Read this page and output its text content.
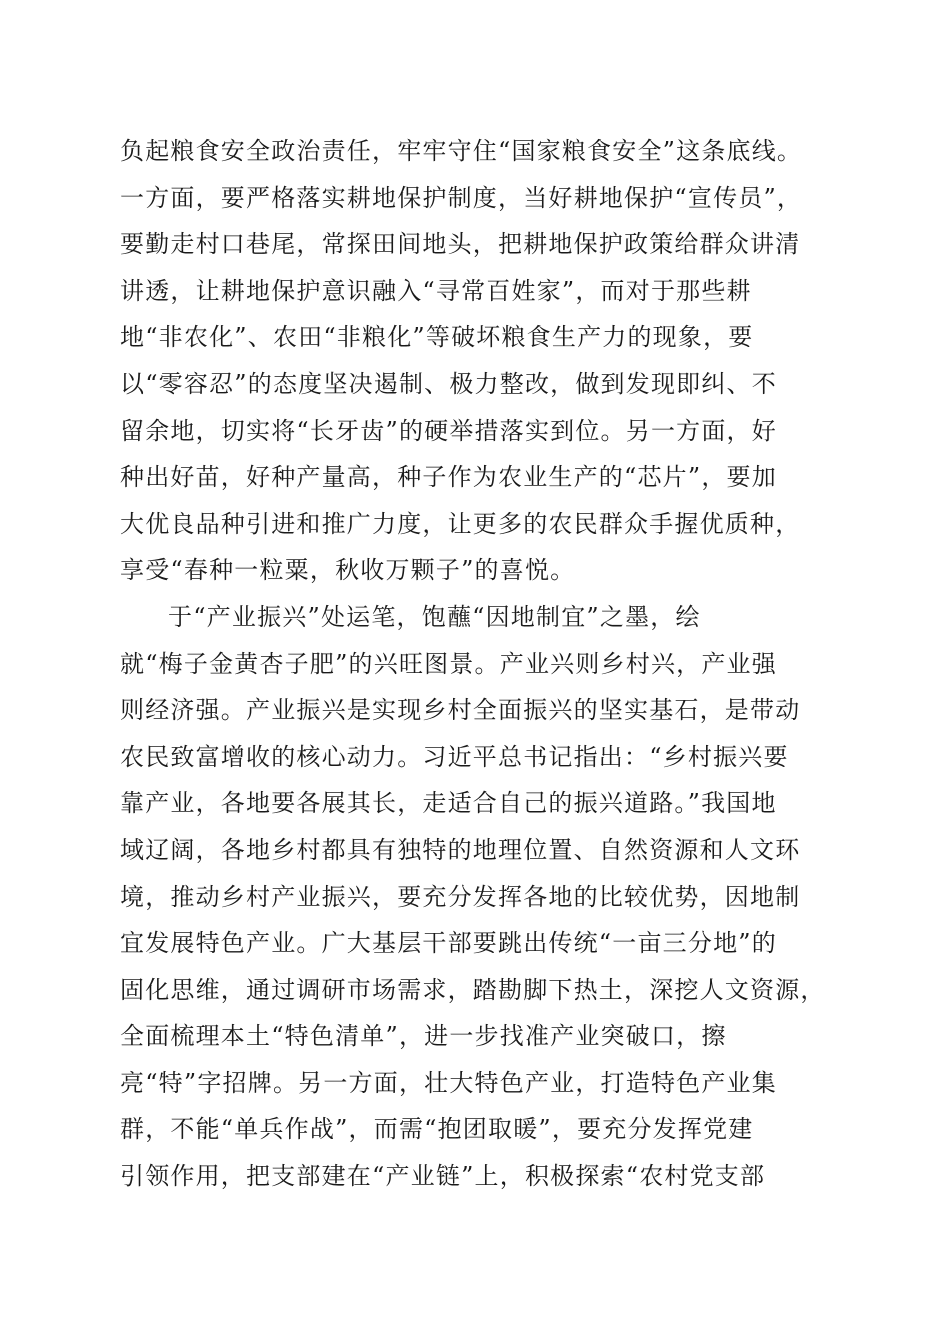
负起粮食安全政治责任，牢牢守住“国家粮食安全”这条底线。
一方面，要严格落实耕地保护制度，当好耕地保护“宣传员”，
要勤走村口巷尾，常探田间地头，把耕地保护政策给群众讲清
讲透，让耕地保护意识融入“寻常百姓家”，而对于那些耕
地“非农化”、农田“非粮化”等破坏粮食生产力的现象，要
以“零容忍”的态度坚决遏制、极力整改，做到发现即纠、不
留余地，切实将“长牙齿”的硬举措落实到位。另一方面，好
种出好苗，好种产量高，种子作为农业生产的“芯片”，要加
大优良品种引进和推广力度，让更多的农民群众手握优质种，
享受“春种一粒粟，秋收万颗子”的喜悦。
于“产业振兴”处运笔，饱蘸“因地制宜”之墨，绘
就“梅子金黄杏子肥”的兴旺图景。产业兴则乡村兴，产业强
则经济强。产业振兴是实现乡村全面振兴的坚实基石，是带动
农民致富增收的核心动力。习近平总书记指出：“乡村振兴要
靠产业，各地要各展其长，走适合自己的振兴道路。”我国地
域辽阔，各地乡村都具有独特的地理位置、自然资源和人文环
境，推动乡村产业振兴，要充分发挥各地的比较优势，因地制
宜发展特色产业。广大基层干部要跳出传统“一亩三分地”的
固化思维，通过调研市场需求，踏勘脚下热土，深挖人文资源，
全面梳理本土“特色清单”，进一步找准产业突破口，擦
亮“特”字招牌。另一方面，壮大特色产业，打造特色产业集
群，不能“单兵作战”，而需“抱团取暖”，要充分发挥党建
引领作用，把支部建在“产业链”上，积极探索“农村党支部
